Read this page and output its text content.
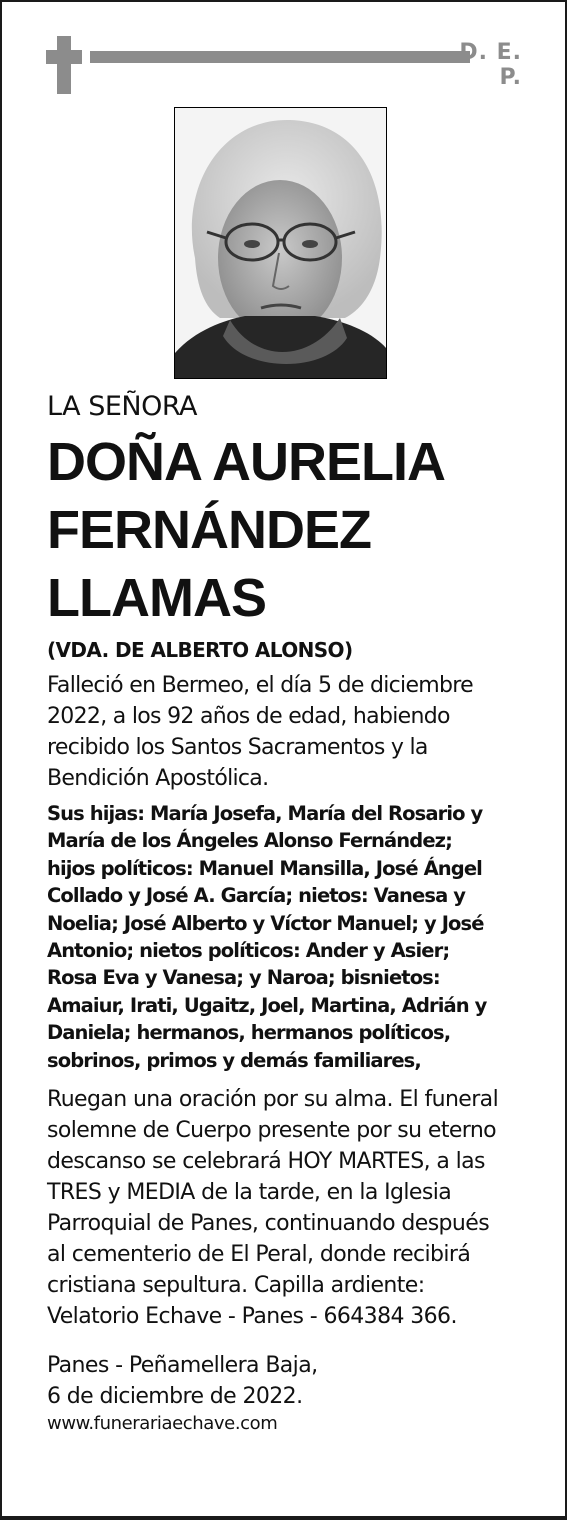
D. E. P.
LA SEÑORA
DOÑA AURELIA
FERNÁNDEZ
LLAMAS
(VDA. DE ALBERTO ALONSO)
Falleció en Bermeo, el día 5 de diciembre
2022, a los 92 años de edad, habiendo
recibido los Santos Sacramentos y la
Bendición Apostólica.
Sus hijas: María Josefa, María del Rosario y
María de los Ángeles Alonso Fernández;
hijos políticos: Manuel Mansilla, José Ángel
Collado y José A. García; nietos: Vanesa y
Noelia; José Alberto y Víctor Manuel; y José
Antonio; nietos políticos: Ander y Asier;
Rosa Eva y Vanesa; y Naroa; bisnietos:
Amaiur, Irati, Ugaitz, Joel, Martina, Adrián y
Daniela; hermanos, hermanos políticos,
sobrinos, primos y demás familiares,
Ruegan una oración por su alma. El funeral
solemne de Cuerpo presente por su eterno
descanso se celebrará HOY MARTES, a las
TRES y MEDIA de la tarde, en la Iglesia
Parroquial de Panes, continuando después
al cementerio de El Peral, donde recibirá
cristiana sepultura. Capilla ardiente:
Velatorio Echave - Panes - 664384 366.
Panes - Peñamellera Baja,
6 de diciembre de 2022.
www.funerariaechave.com
